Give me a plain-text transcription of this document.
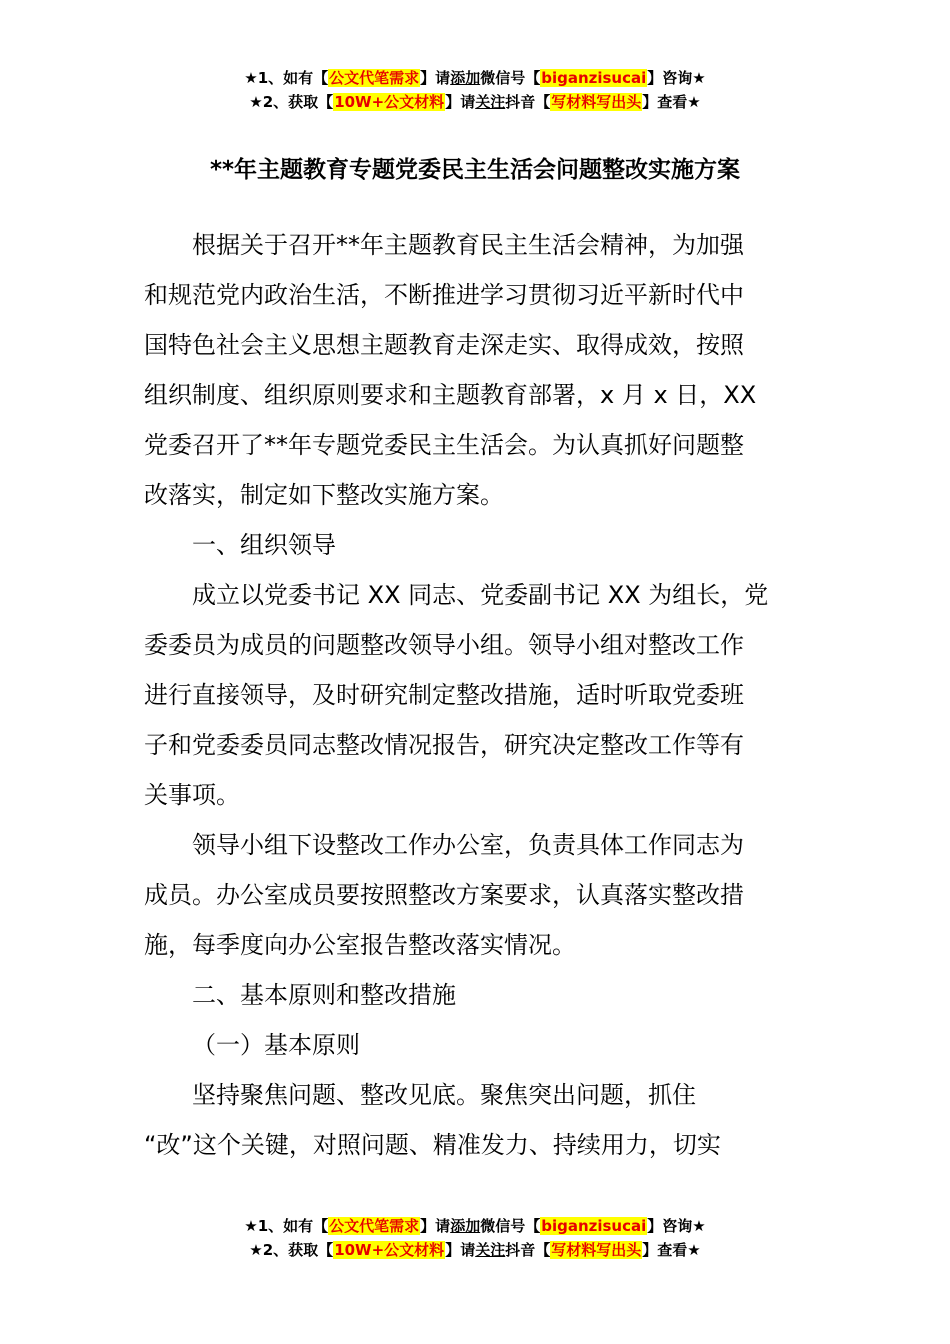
★1、如有【公文代笔需求】请添加微信号【biganzisucai】咨询★
★2、获取【10W+公文材料】请关注抖音【写材料写出头】查看★
**年主题教育专题党委民主生活会问题整改实施方案

根据关于召开**年主题教育民主生活会精神，为加强
和规范党内政治生活，不断推进学习贯彻习近平新时代中
国特色社会主义思想主题教育走深走实、取得成效，按照
组织制度、组织原则要求和主题教育部署，x 月 x 日，XX
党委召开了**年专题党委民主生活会。为认真抓好问题整
改落实，制定如下整改实施方案。

一、组织领导

成立以党委书记 XX 同志、党委副书记 XX 为组长，党
委委员为成员的问题整改领导小组。领导小组对整改工作
进行直接领导，及时研究制定整改措施，适时听取党委班
子和党委委员同志整改情况报告，研究决定整改工作等有
关事项。

领导小组下设整改工作办公室，负责具体工作同志为
成员。办公室成员要按照整改方案要求，认真落实整改措
施，每季度向办公室报告整改落实情况。

二、基本原则和整改措施

（一）基本原则

坚持聚焦问题、整改见底。聚焦突出问题，抓住
“改”这个关键，对照问题、精准发力、持续用力，切实

★1、如有【公文代笔需求】请添加微信号【biganzisucai】咨询★
★2、获取【10W+公文材料】请关注抖音【写材料写出头】查看★
